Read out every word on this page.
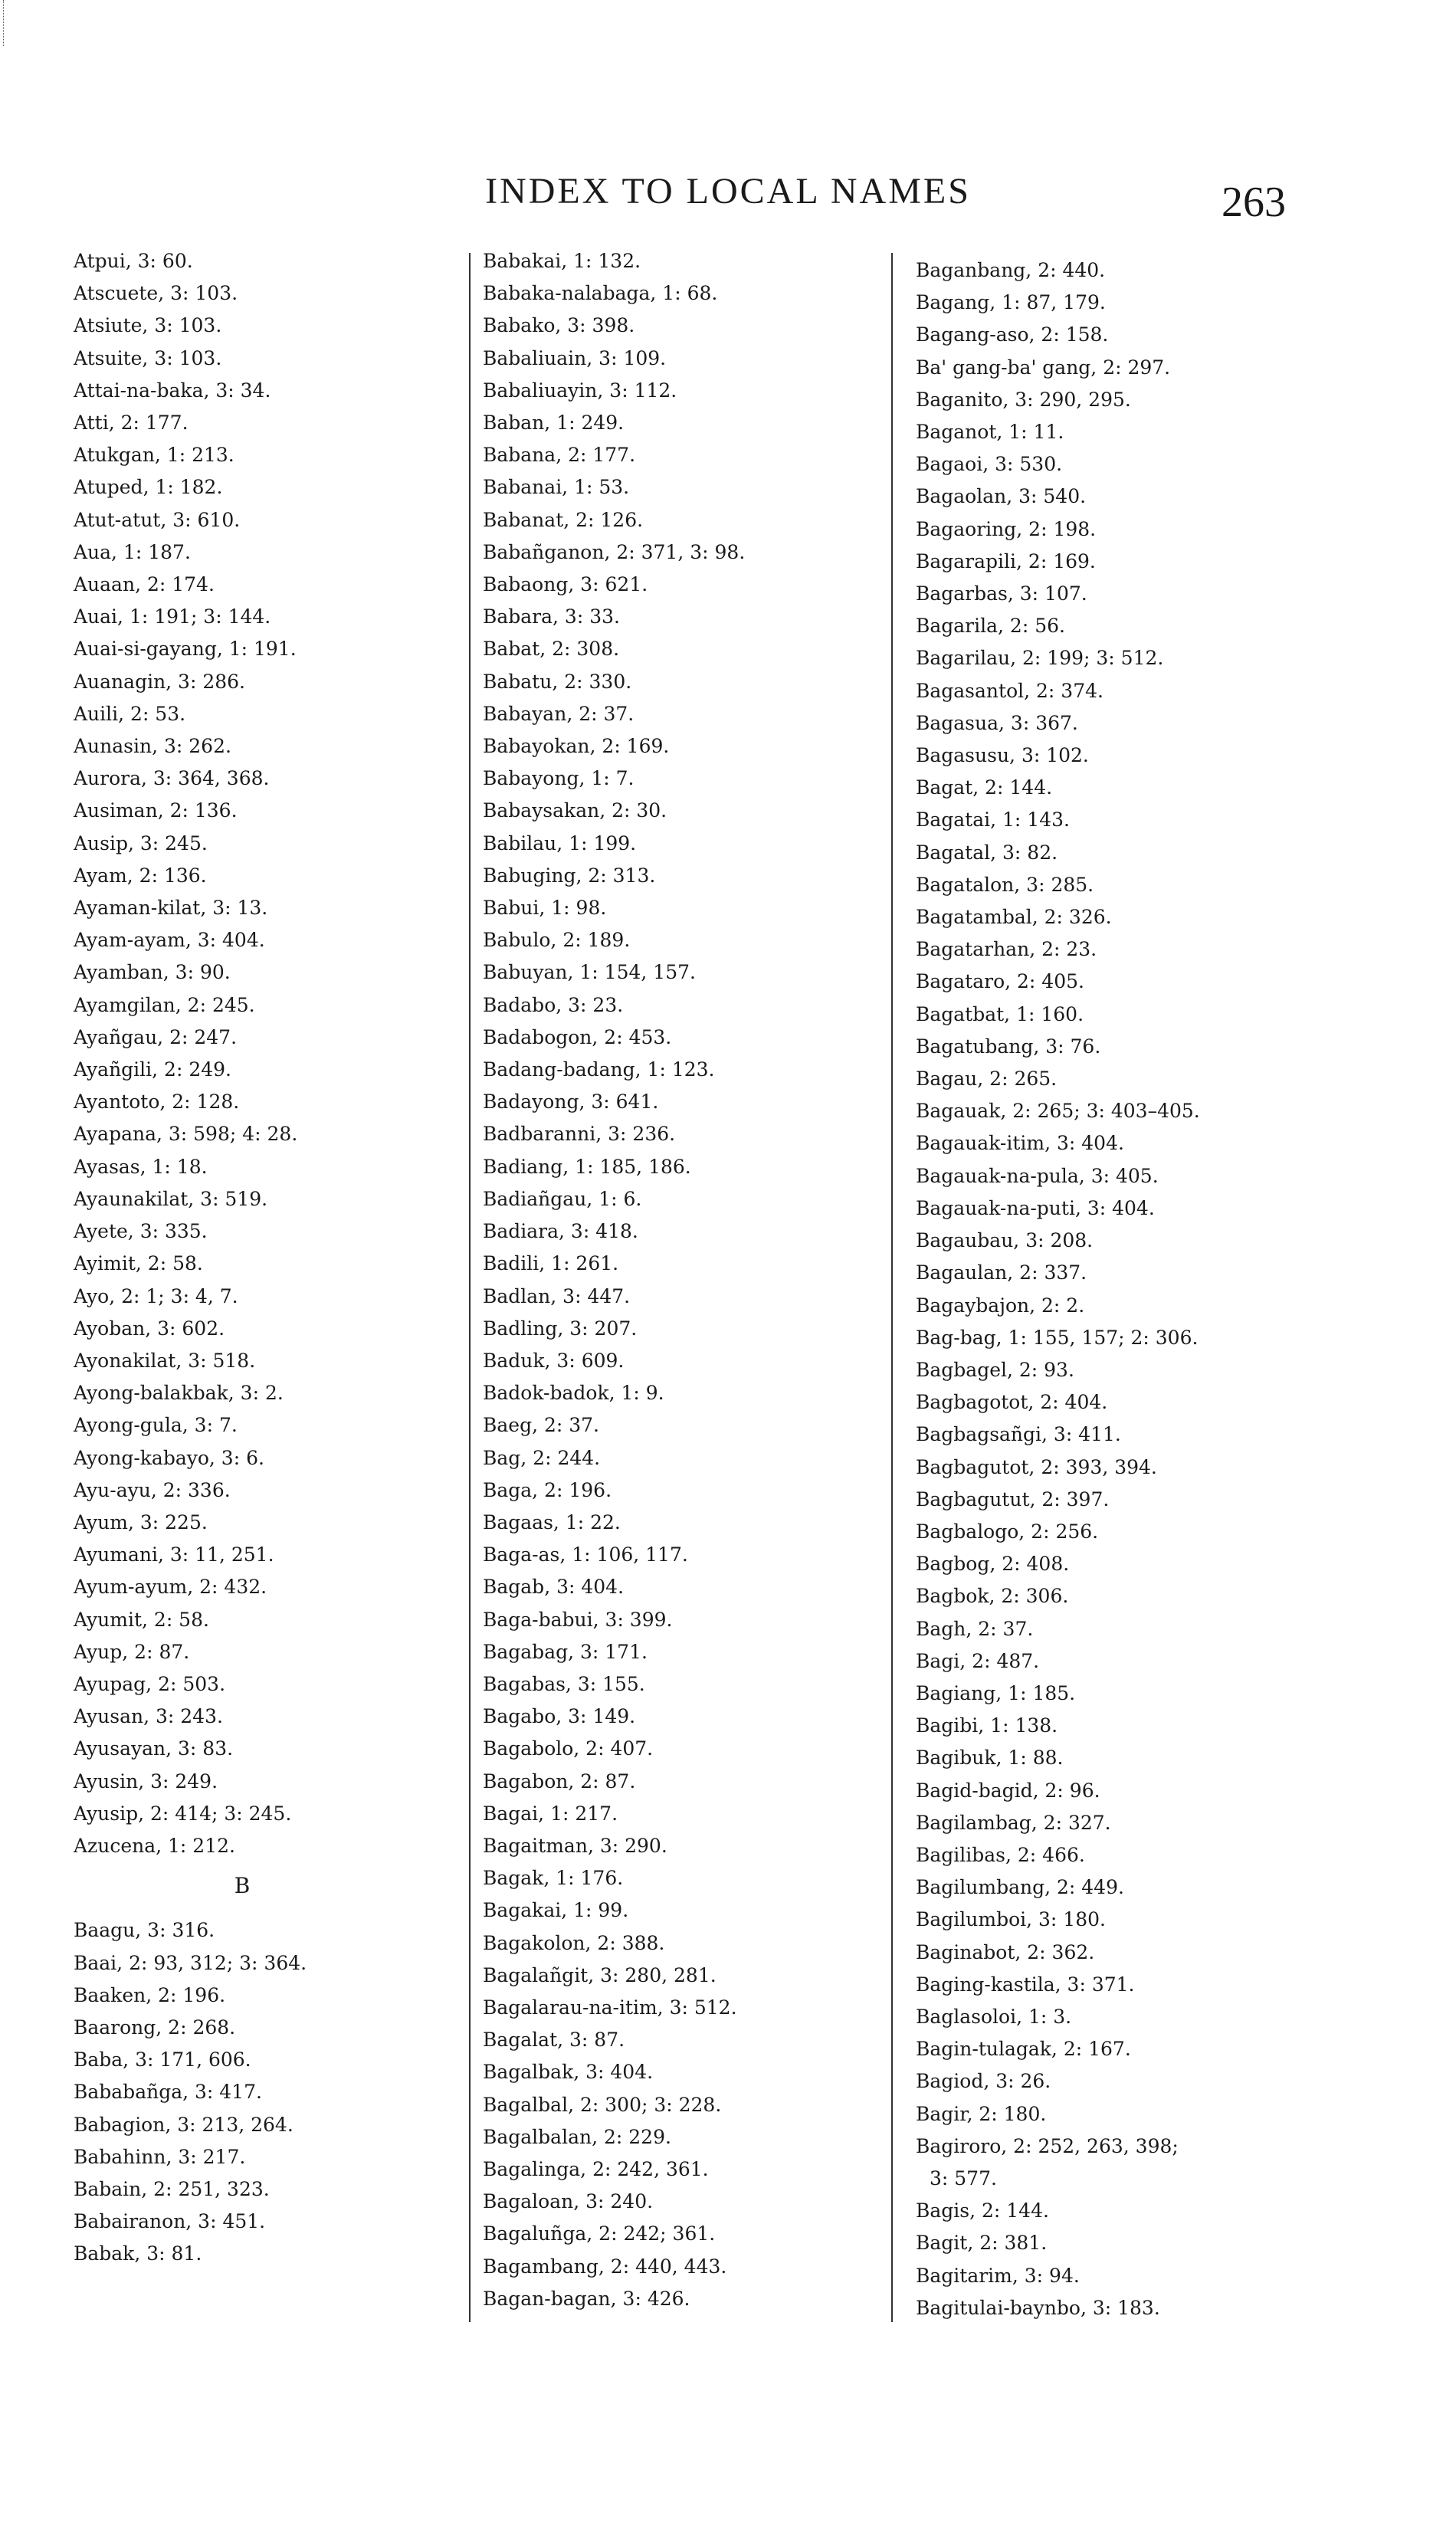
INDEX TO LOCAL NAMES	263
Atpui, 3: 60.
Atscuete, 3: 103.
Atsiute, 3: 103.
Atsuite, 3: 103.
Attai-na-baka, 3: 34.
Atti, 2: 177.
Atukgan, 1: 213.
Atuped, 1: 182.
Atut-atut, 3: 610.
Aua, 1: 187.
Auaan, 2: 174.
Auai, 1: 191; 3: 144.
Auai-si-gayang, 1: 191.
Auanagin, 3: 286.
Auili, 2: 53.
Aunasin, 3: 262.
Aurora, 3: 364, 368.
Ausiman, 2: 136.
Ausip, 3: 245.
Ayam, 2: 136.
Ayaman-kilat, 3: 13.
Ayam-ayam, 3: 404.
Ayamban, 3: 90.
Ayamgilan, 2: 245.
Ayañgau, 2: 247.
Ayañgili, 2: 249.
Ayantoto, 2: 128.
Ayapana, 3: 598; 4: 28.
Ayasas, 1: 18.
Ayaunakilat, 3: 519.
Ayete, 3: 335.
Ayimit, 2: 58.
Ayo, 2: 1; 3: 4, 7.
Ayoban, 3: 602.
Ayonakilat, 3: 518.
Ayong-balakbak, 3: 2.
Ayong-gula, 3: 7.
Ayong-kabayo, 3: 6.
Ayu-ayu, 2: 336.
Ayum, 3: 225.
Ayumani, 3: 11, 251.
Ayum-ayum, 2: 432.
Ayumit, 2: 58.
Ayup, 2: 87.
Ayupag, 2: 503.
Ayusan, 3: 243.
Ayusayan, 3: 83.
Ayusin, 3: 249.
Ayusip, 2: 414; 3: 245.
Azucena, 1: 212.
B
Baagu, 3: 316.
Baai, 2: 93, 312; 3: 364.
Baaken, 2: 196.
Baarong, 2: 268.
Baba, 3: 171, 606.
Bababañga, 3: 417.
Babagion, 3: 213, 264.
Babahinn, 3: 217.
Babain, 2: 251, 323.
Babairanon, 3: 451.
Babak, 3: 81.
Babakai, 1: 132.
Babaka-nalabaga, 1: 68.
Babako, 3: 398.
Babaliuain, 3: 109.
Babaliuayin, 3: 112.
Baban, 1: 249.
Babana, 2: 177.
Babanai, 1: 53.
Babanat, 2: 126.
Babañganon, 2: 371, 3: 98.
Babaong, 3: 621.
Babara, 3: 33.
Babat, 2: 308.
Babatu, 2: 330.
Babayan, 2: 37.
Babayokan, 2: 169.
Babayong, 1: 7.
Babaysakan, 2: 30.
Babilau, 1: 199.
Babuging, 2: 313.
Babui, 1: 98.
Babulo, 2: 189.
Babuyan, 1: 154, 157.
Badabo, 3: 23.
Badabogon, 2: 453.
Badang-badang, 1: 123.
Badayong, 3: 641.
Badbaranni, 3: 236.
Badiang, 1: 185, 186.
Badiañgau, 1: 6.
Badiara, 3: 418.
Badili, 1: 261.
Badlan, 3: 447.
Badling, 3: 207.
Baduk, 3: 609.
Badok-badok, 1: 9.
Baeg, 2: 37.
Bag, 2: 244.
Baga, 2: 196.
Bagaas, 1: 22.
Baga-as, 1: 106, 117.
Bagab, 3: 404.
Baga-babui, 3: 399.
Bagabag, 3: 171.
Bagabas, 3: 155.
Bagabo, 3: 149.
Bagabolo, 2: 407.
Bagabon, 2: 87.
Bagai, 1: 217.
Bagaitman, 3: 290.
Bagak, 1: 176.
Bagakai, 1: 99.
Bagakolon, 2: 388.
Bagalañgit, 3: 280, 281.
Bagalarau-na-itim, 3: 512.
Bagalat, 3: 87.
Bagalbak, 3: 404.
Bagalbal, 2: 300; 3: 228.
Bagalbalan, 2: 229.
Bagalinga, 2: 242, 361.
Bagaloan, 3: 240.
Bagaluñga, 2: 242; 361.
Bagambang, 2: 440, 443.
Bagan-bagan, 3: 426.
Baganbang, 2: 440.
Bagang, 1: 87, 179.
Bagang-aso, 2: 158.
Ba' gang-ba' gang, 2: 297.
Baganito, 3: 290, 295.
Baganot, 1: 11.
Bagaoi, 3: 530.
Bagaolan, 3: 540.
Bagaoring, 2: 198.
Bagarapili, 2: 169.
Bagarbas, 3: 107.
Bagarila, 2: 56.
Bagarilau, 2: 199; 3: 512.
Bagasantol, 2: 374.
Bagasua, 3: 367.
Bagasusu, 3: 102.
Bagat, 2: 144.
Bagatai, 1: 143.
Bagatal, 3: 82.
Bagatalon, 3: 285.
Bagatambal, 2: 326.
Bagatarhan, 2: 23.
Bagataro, 2: 405.
Bagatbat, 1: 160.
Bagatubang, 3: 76.
Bagau, 2: 265.
Bagauak, 2: 265; 3: 403–405.
Bagauak-itim, 3: 404.
Bagauak-na-pula, 3: 405.
Bagauak-na-puti, 3: 404.
Bagaubau, 3: 208.
Bagaulan, 2: 337.
Bagaybajon, 2: 2.
Bag-bag, 1: 155, 157; 2: 306.
Bagbagel, 2: 93.
Bagbagotot, 2: 404.
Bagbagsañgi, 3: 411.
Bagbagutot, 2: 393, 394.
Bagbagutut, 2: 397.
Bagbalogo, 2: 256.
Bagbog, 2: 408.
Bagbok, 2: 306.
Bagh, 2: 37.
Bagi, 2: 487.
Bagiang, 1: 185.
Bagibi, 1: 138.
Bagibuk, 1: 88.
Bagid-bagid, 2: 96.
Bagilambag, 2: 327.
Bagilibas, 2: 466.
Bagilumbang, 2: 449.
Bagilumboi, 3: 180.
Baginabot, 2: 362.
Baging-kastila, 3: 371.
Baglasoloi, 1: 3.
Bagin-tulagak, 2: 167.
Bagiod, 3: 26.
Bagir, 2: 180.
Bagiroro, 2: 252, 263, 398;
3: 577.
Bagis, 2: 144.
Bagit, 2: 381.
Bagitarim, 3: 94.
Bagitulai-baynbo, 3: 183.
